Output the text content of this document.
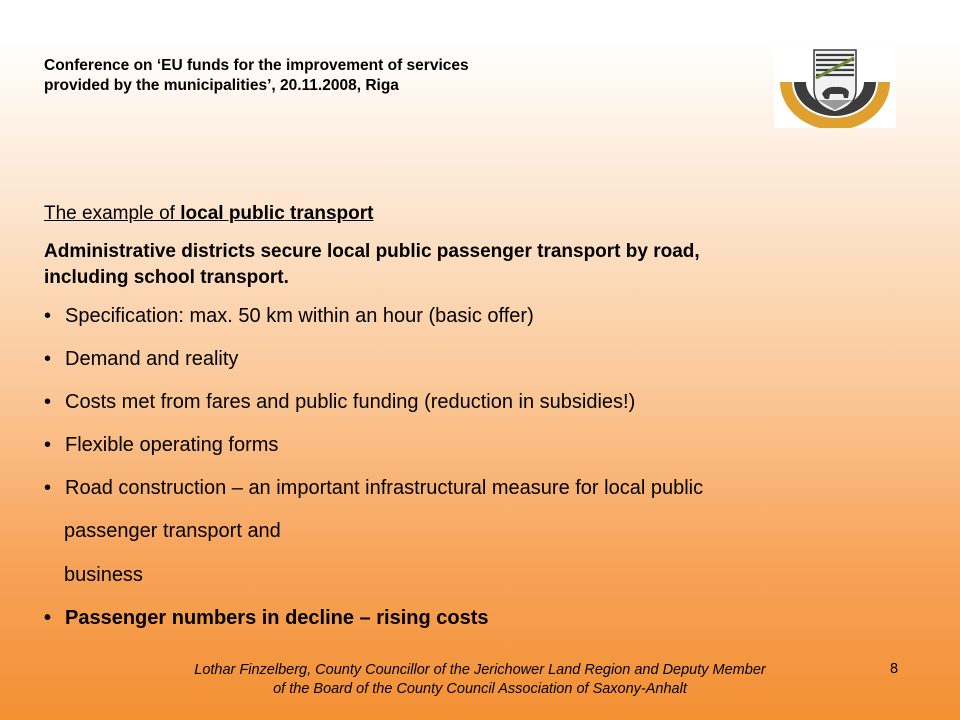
Conference on ‘EU funds for the improvement of services
provided by the municipalities’, 20.11.2008, Riga
The example of local public transport
Administrative districts secure local public passenger transport by road,
including school transport.
• Specification: max. 50 km within an hour (basic offer)
• Demand and reality
• Costs met from fares and public funding (reduction in subsidies!)
• Flexible operating forms
• Road construction – an important infrastructural measure for local public
passenger transport and
business
• Passenger numbers in decline – rising costs
Lothar Finzelberg, County Councillor of the Jerichower Land Region and Deputy Member
of the Board of the County Council Association of Saxony-Anhalt
8
